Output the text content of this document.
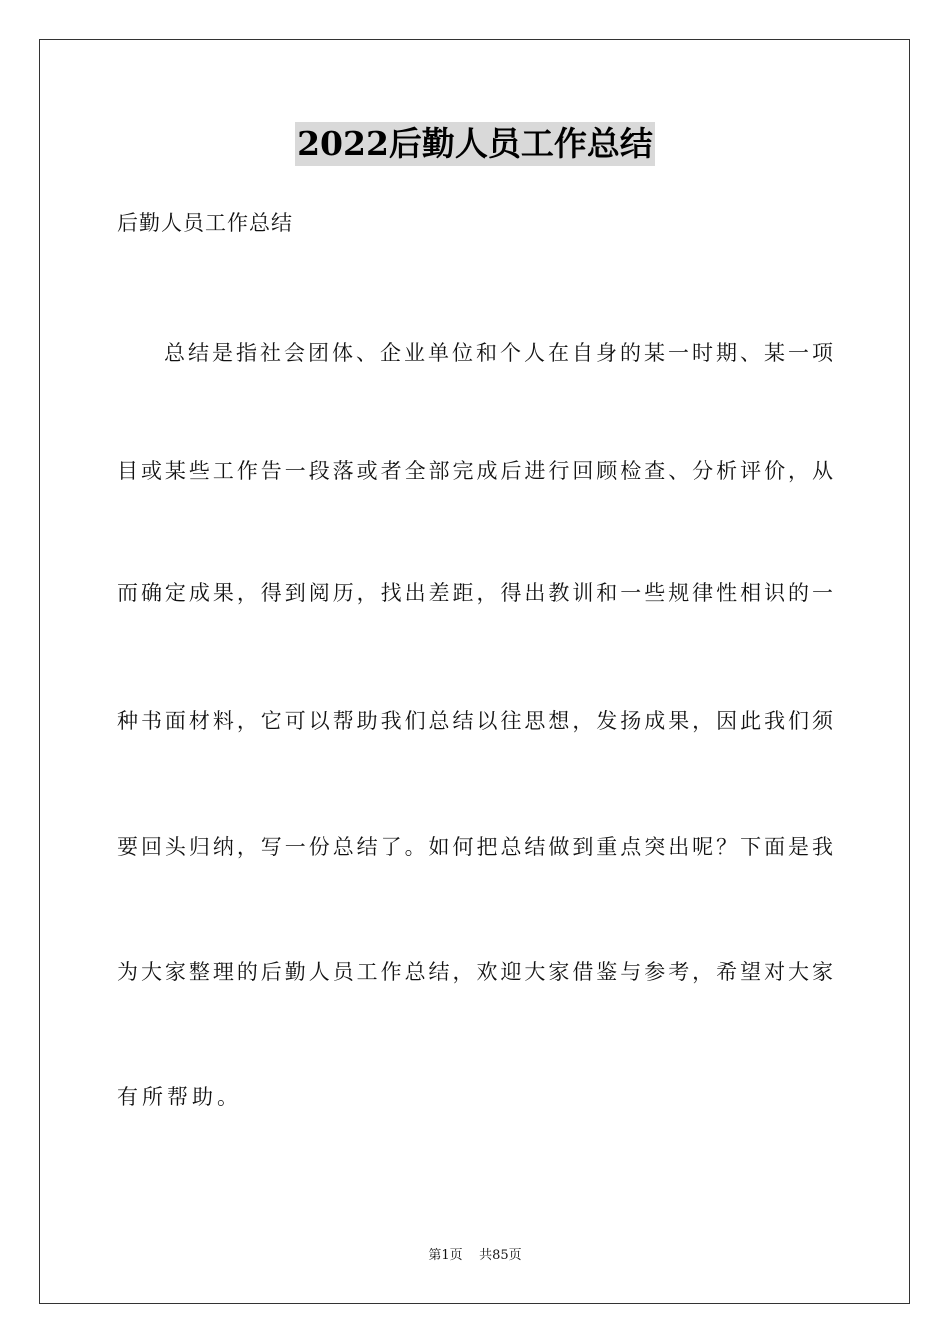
2022后勤人员工作总结
后勤人员工作总结
总结是指社会团体、企业单位和个人在自身的某一时期、某一项
目或某些工作告一段落或者全部完成后进行回顾检查、分析评价，从
而确定成果，得到阅历，找出差距，得出教训和一些规律性相识的一
种书面材料，它可以帮助我们总结以往思想，发扬成果，因此我们须
要回头归纳，写一份总结了。如何把总结做到重点突出呢？下面是我
为大家整理的后勤人员工作总结，欢迎大家借鉴与参考，希望对大家
有所帮助。
第1页 共85页
